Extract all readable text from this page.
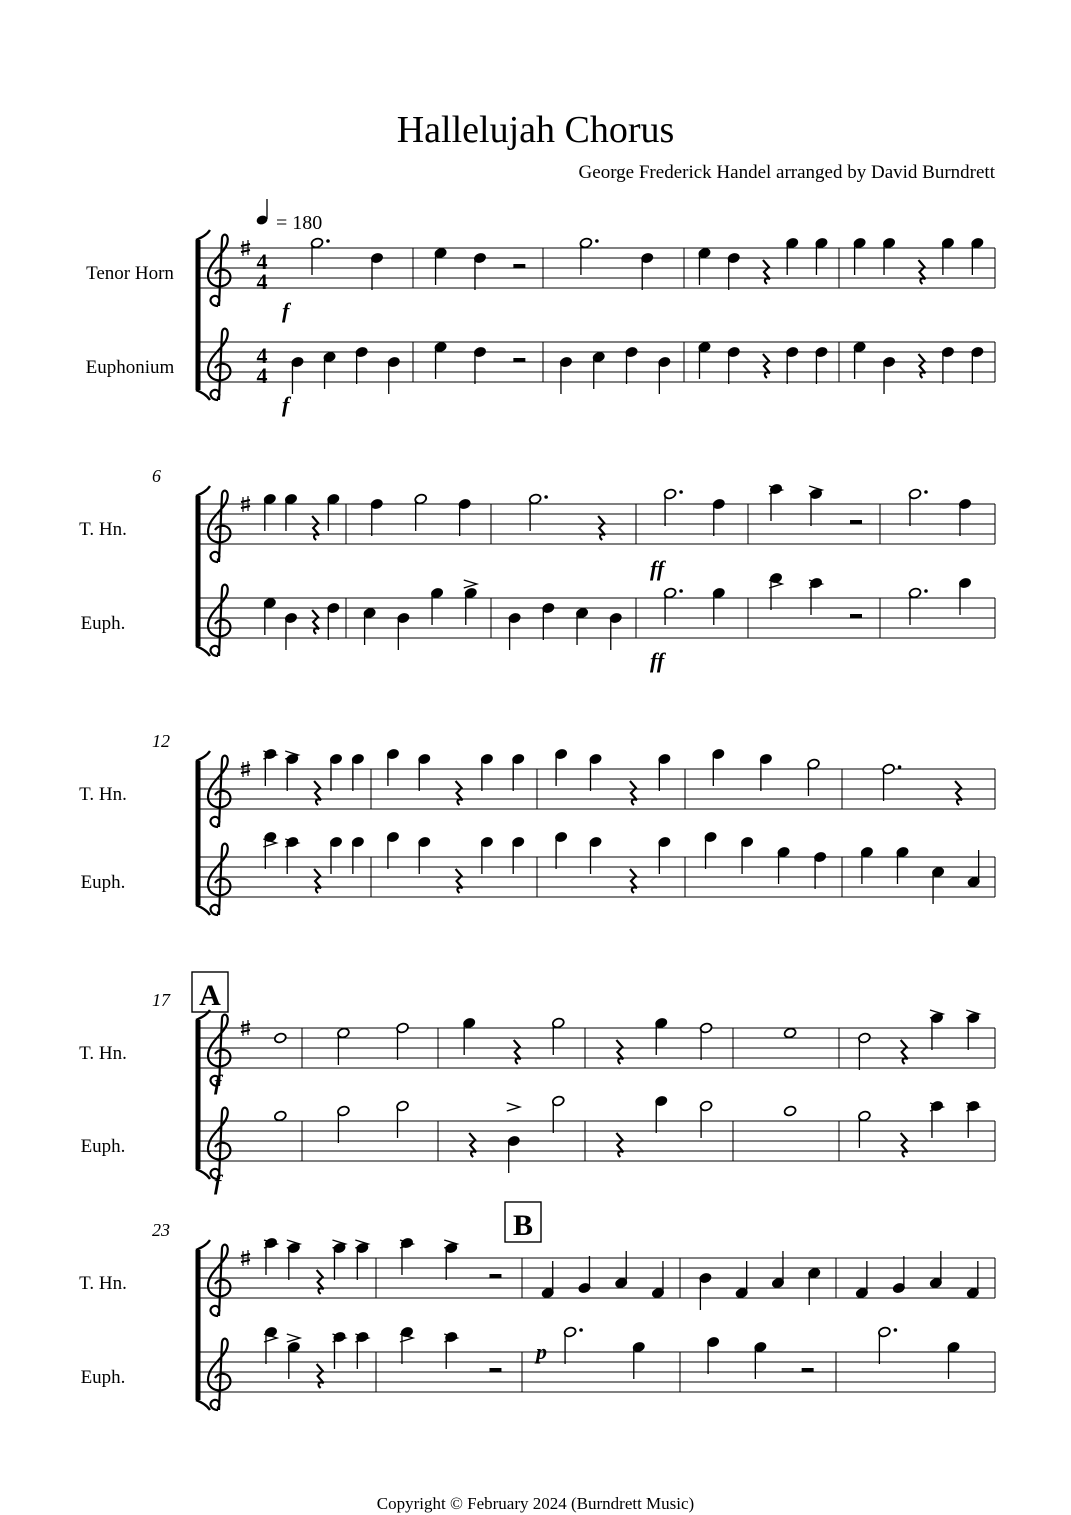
Hallelujah Chorus
George Frederick Handel arranged by David Burndrett
= 180
Tenor Horn
Euphonium
4
4
4
4
f
f
T. Hn.
Euph.
6
ff
ff
T. Hn.
Euph.
12
T. Hn.
Euph.
17 A
f
f
T. Hn.
Euph.
23	B
p
Copyright © February 2024 (Burndrett Music)
